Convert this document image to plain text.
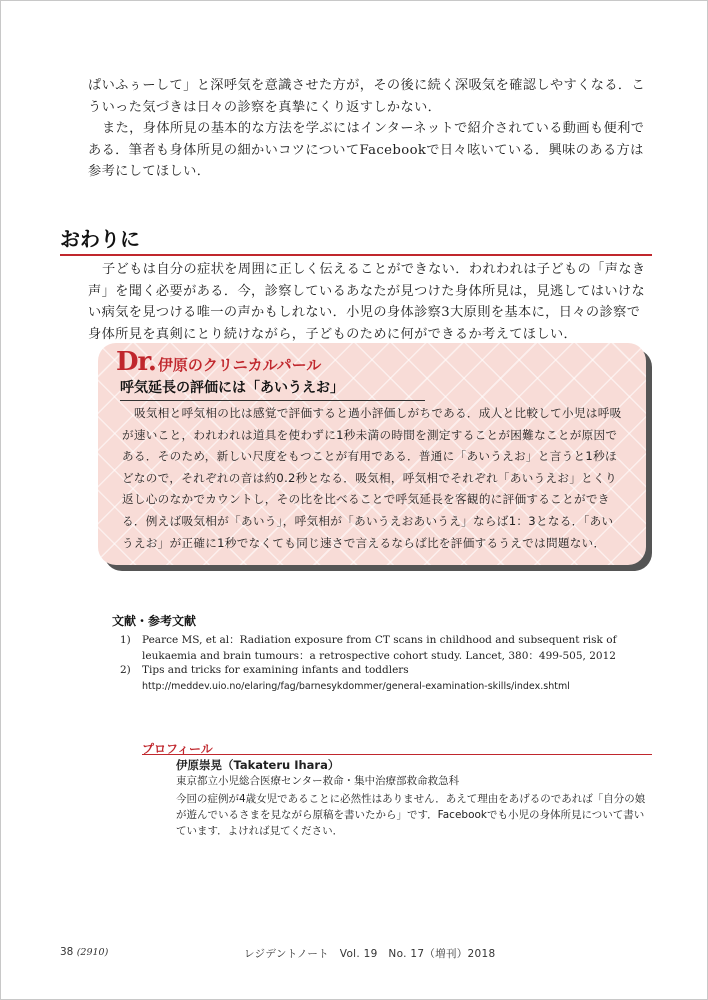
ぱいふぅーして」と深呼気を意識させた方が，その後に続く深吸気を確認しやすくなる．こういった気づきは日々の診察を真摯にくり返すしかない．

また，身体所見の基本的な方法を学ぶにはインターネットで紹介されている動画も便利である．筆者も身体所見の細かいコツについてFacebookで日々呟いている．興味のある方は参考にしてほしい．

おわりに

子どもは自分の症状を周囲に正しく伝えることができない．われわれは子どもの「声なき声」を聞く必要がある．今，診察しているあなたが見つけた身体所見は，見逃してはいけない病気を見つける唯一の声かもしれない．小児の身体診察3大原則を基本に，日々の診察で身体所見を真剣にとり続けながら，子どものために何ができるか考えてほしい．

Dr. 伊原のクリニカルパール
呼気延長の評価には「あいうえお」

吸気相と呼気相の比は感覚で評価すると過小評価しがちである．成人と比較して小児は呼吸が速いこと，われわれは道具を使わずに1秒未満の時間を測定することが困難なことが原因である．そのため，新しい尺度をもつことが有用である．普通に「あいうえお」と言うと1秒ほどなので，それぞれの音は約0.2秒となる．吸気相，呼気相でそれぞれ「あいうえお」とくり返し心のなかでカウントし，その比を比べることで呼気延長を客観的に評価することができる．例えば吸気相が「あいう」，呼気相が「あいうえおあいうえ」ならば1：3となる．「あいうえお」が正確に1秒でなくても同じ速さで言えるならば比を評価するうえでは問題ない．

文献・参考文献
1) Pearce MS, et al：Radiation exposure from CT scans in childhood and subsequent risk of leukaemia and brain tumours：a retrospective cohort study. Lancet, 380：499-505, 2012
2) Tips and tricks for examining infants and toddlers
http://meddev.uio.no/elaring/fag/barnesykdommer/general-examination-skills/index.shtml
プロフィール
伊原崇晃（Takateru Ihara）
東京都立小児総合医療センター救命・集中治療部救命救急科

今回の症例が4歳女児であることに必然性はありません．あえて理由をあげるのであれば「自分の娘が遊んでいるさまを見ながら原稿を書いたから」です．Facebookでも小児の身体所見について書いています．よければ見てください．

38 (2910)	レジデントノート　Vol. 19　No. 17（増刊）2018
